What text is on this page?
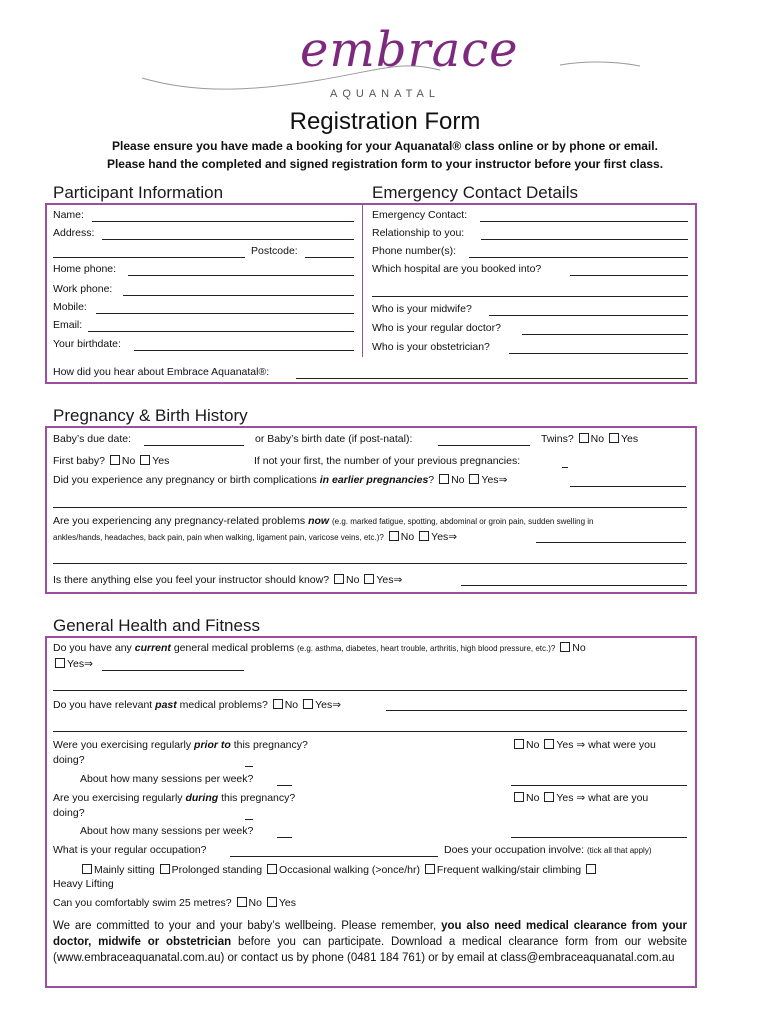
embrace
AQUANATAL
Registration Form
Please ensure you have made a booking for your Aquanatal® class online or by phone or email.
Please hand the completed and signed registration form to your instructor before your first class.
Participant Information	Emergency Contact Details
Name:
Address:
Postcode:
Home phone:
Work phone:
Mobile:
Email:
Your birthdate:
How did you hear about Embrace Aquanatal®:
Emergency Contact:
Relationship to you:
Phone number(s):
Which hospital are you booked into?
Who is your midwife?
Who is your regular doctor?
Who is your obstetrician?
Pregnancy & Birth History
Baby’s due date:	or Baby’s birth date (if post-natal):	Twins? No Yes
First baby? No Yes	If not your first, the number of your previous pregnancies:
Did you experience any pregnancy or birth complications in earlier pregnancies? No Yes⇒
Are you experiencing any pregnancy-related problems now (e.g. marked fatigue, spotting, abdominal or groin pain, sudden swelling in
ankles/hands, headaches, back pain, pain when walking, ligament pain, varicose veins, etc.)? No Yes⇒
Is there anything else you feel your instructor should know? No Yes⇒
General Health and Fitness
Do you have any current general medical problems (e.g. asthma, diabetes, heart trouble, arthritis, high blood pressure, etc.)? No
Yes⇒
Do you have relevant past medical problems? No Yes⇒
Were you exercising regularly prior to this pregnancy?
doing?
No Yes ⇒ what were you
About how many sessions per week?
Are you exercising regularly during this pregnancy?
doing?
No Yes ⇒ what are you
About how many sessions per week?
What is your regular occupation?	Does your occupation involve: (tick all that apply)
Mainly sitting Prolonged standing Occasional walking (>once/hr) Frequent walking/stair climbing
Heavy Lifting
Can you comfortably swim 25 metres? No Yes
We are committed to your and your baby’s wellbeing. Please remember, you also need medical clearance from your doctor, midwife or obstetrician before you can participate. Download a medical clearance form from our website (www.embraceaquanatal.com.au) or contact us by phone (0481 184 761) or by email at class@embraceaquanatal.com.au
